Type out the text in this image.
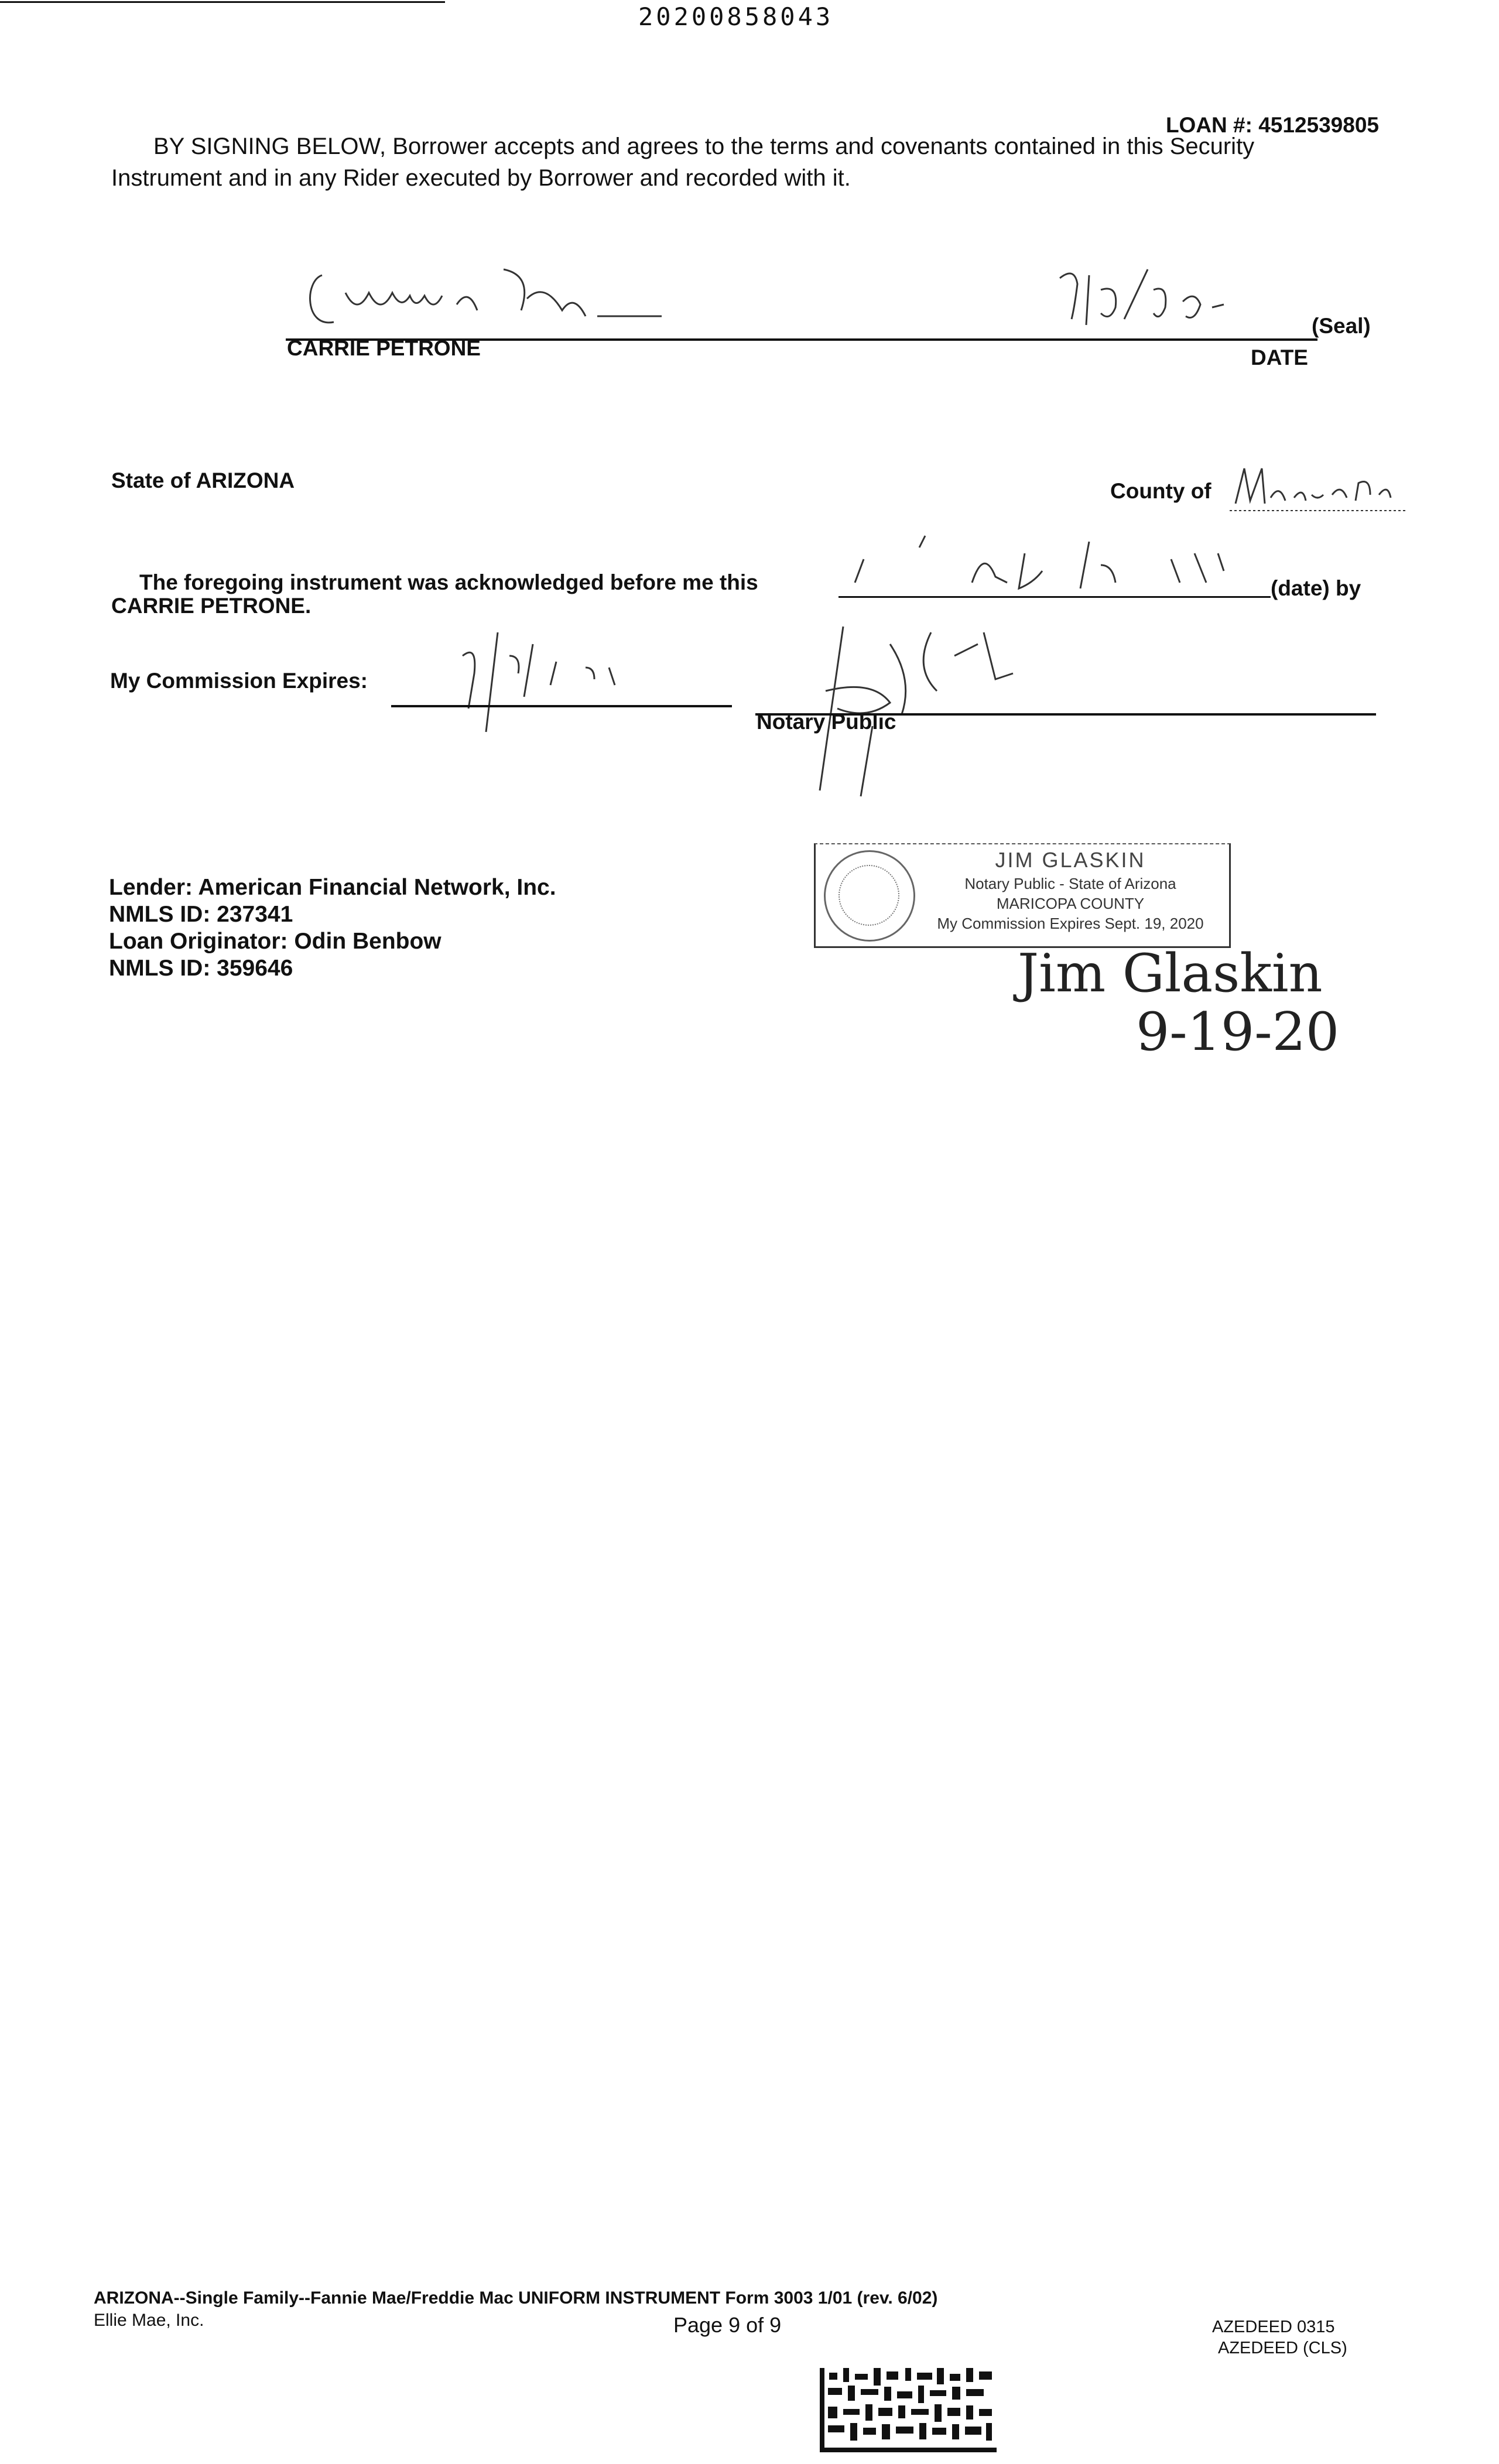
20200858043
LOAN #: 4512539805
BY SIGNING BELOW, Borrower accepts and agrees to the terms and covenants contained in this Security
Instrument and in any Rider executed by Borrower and recorded with it.
CARRIE PETRONE
(Seal)
DATE
State of ARIZONA	County of
The foregoing instrument was acknowledged before me this	(date) by
CARRIE PETRONE.
My Commission Expires:
Notary Public
Lender: American Financial Network, Inc.
NMLS ID: 237341
Loan Originator: Odin Benbow
NMLS ID: 359646
JIM GLASKIN
Notary Public - State of Arizona
MARICOPA COUNTY
My Commission Expires Sept. 19, 2020
Jim Glaskin
9-19-20
ARIZONA--Single Family--Fannie Mae/Freddie Mac UNIFORM INSTRUMENT Form 3003 1/01 (rev. 6/02)
Ellie Mae, Inc.	Page 9 of 9	AZEDEED 0315
AZEDEED (CLS)
